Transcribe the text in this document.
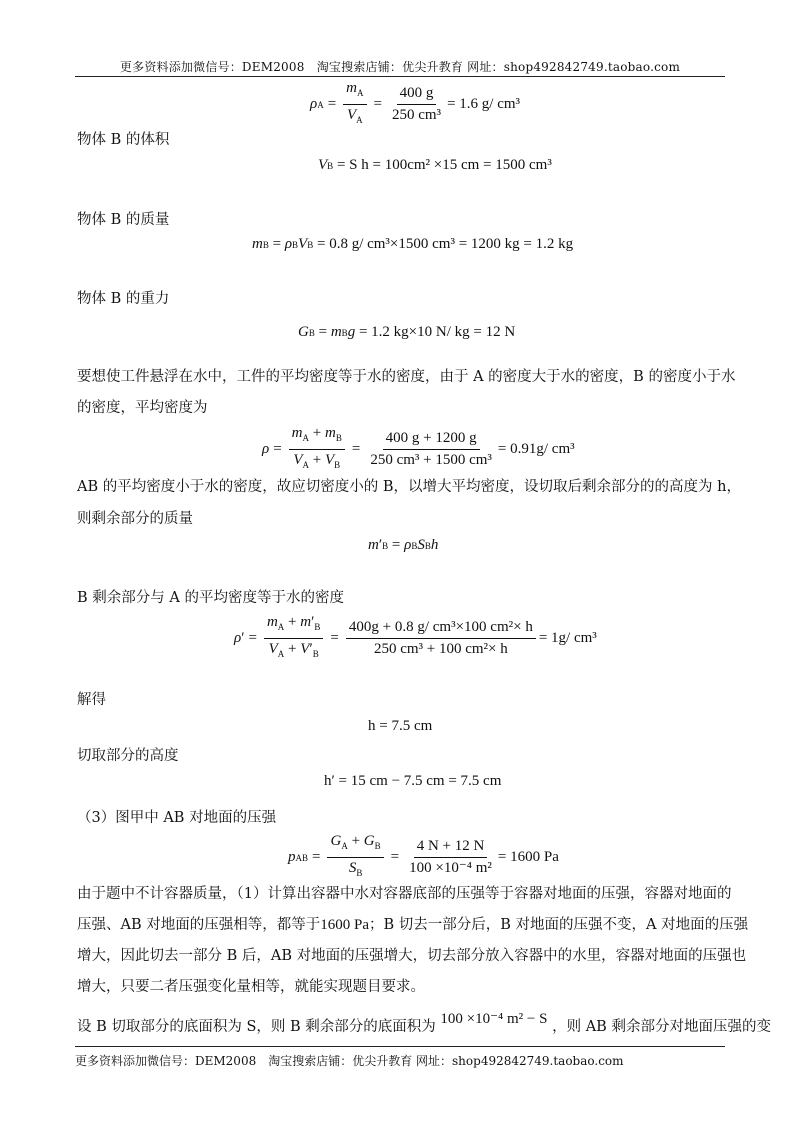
更多资料添加微信号：DEM2008　淘宝搜索店铺：优尖升教育 网址：shop492842749.taobao.com
ρ $A = \frac{m_A}{V_A} = \frac{400 g}{\text{250 cm³}} = 1.6$ g/ cm³
物体 B 的体积
V B
= S h = 100cm² ×15 cm = 1500 cm³
物体 B 的质量
m B = ρ B V B
= 0.8 g/ cm³×1500 cm³ = 1200 kg = 1.2 kg
物体 B 的重力
G B = m B g
= 1.2 kg×10 N/ kg = 12 N
要想使工件悬浮在水中，工件的平均密度等于水的密度，由于 A 的密度大于水的密度，B 的密度小于水
的密度，平均密度为
$\rho = \frac{m_A + m_B}{V_A + V_B} = \frac{400 g + 1200 g}{\text{250 cm³ + 1500 cm³}} = 0.91g/$ cm³
AB 的平均密度小于水的密度，故应切密度小的 B，以增大平均密度，设切取后剩余部分的的高度为 h，
则剩余部分的质量
m ′ B = ρ B S B h
B 剩余部分与 A 的平均密度等于水的密度
ρ ′ = $\frac{m_A + m'_B}{V_A + V'_B} = \frac{\text{400g + 0.8 g/ cm³×100 cm²× h}}{\text{250 cm³ + 100 cm²× h}} = 1g/$ cm³
解得
h = 7.5 cm
切取部分的高度
h′ = 15 cm − 7.5 cm = 7.5 cm
（3）图甲中 AB 对地面的压强
p AB = $\frac{G_A + G_B}{S_B} = \frac{4 N + 12 N}{\text{100 ×10⁻⁴ m²}} = 1600$ Pa
由于题中不计容器质量，（1）计算出容器中水对容器底部的压强等于容器对地面的压强，容器对地面的
压强、AB 对地面的压强相等，都等于1600 Pa；B 切去一部分后，B 对地面的压强不变，A 对地面的压强
增大，因此切去一部分 B 后，AB 对地面的压强增大，切去部分放入容器中的水里，容器对地面的压强也
增大，只要二者压强变化量相等，就能实现题目要求。
设 B 切取部分的底面积为 S，则 B 剩余部分的底面积为 100 ×10⁻⁴ m² − S ，则 AB 剩余部分对地面压强的变
更多资料添加微信号：DEM2008　淘宝搜索店铺：优尖升教育 网址：shop492842749.taobao.com
